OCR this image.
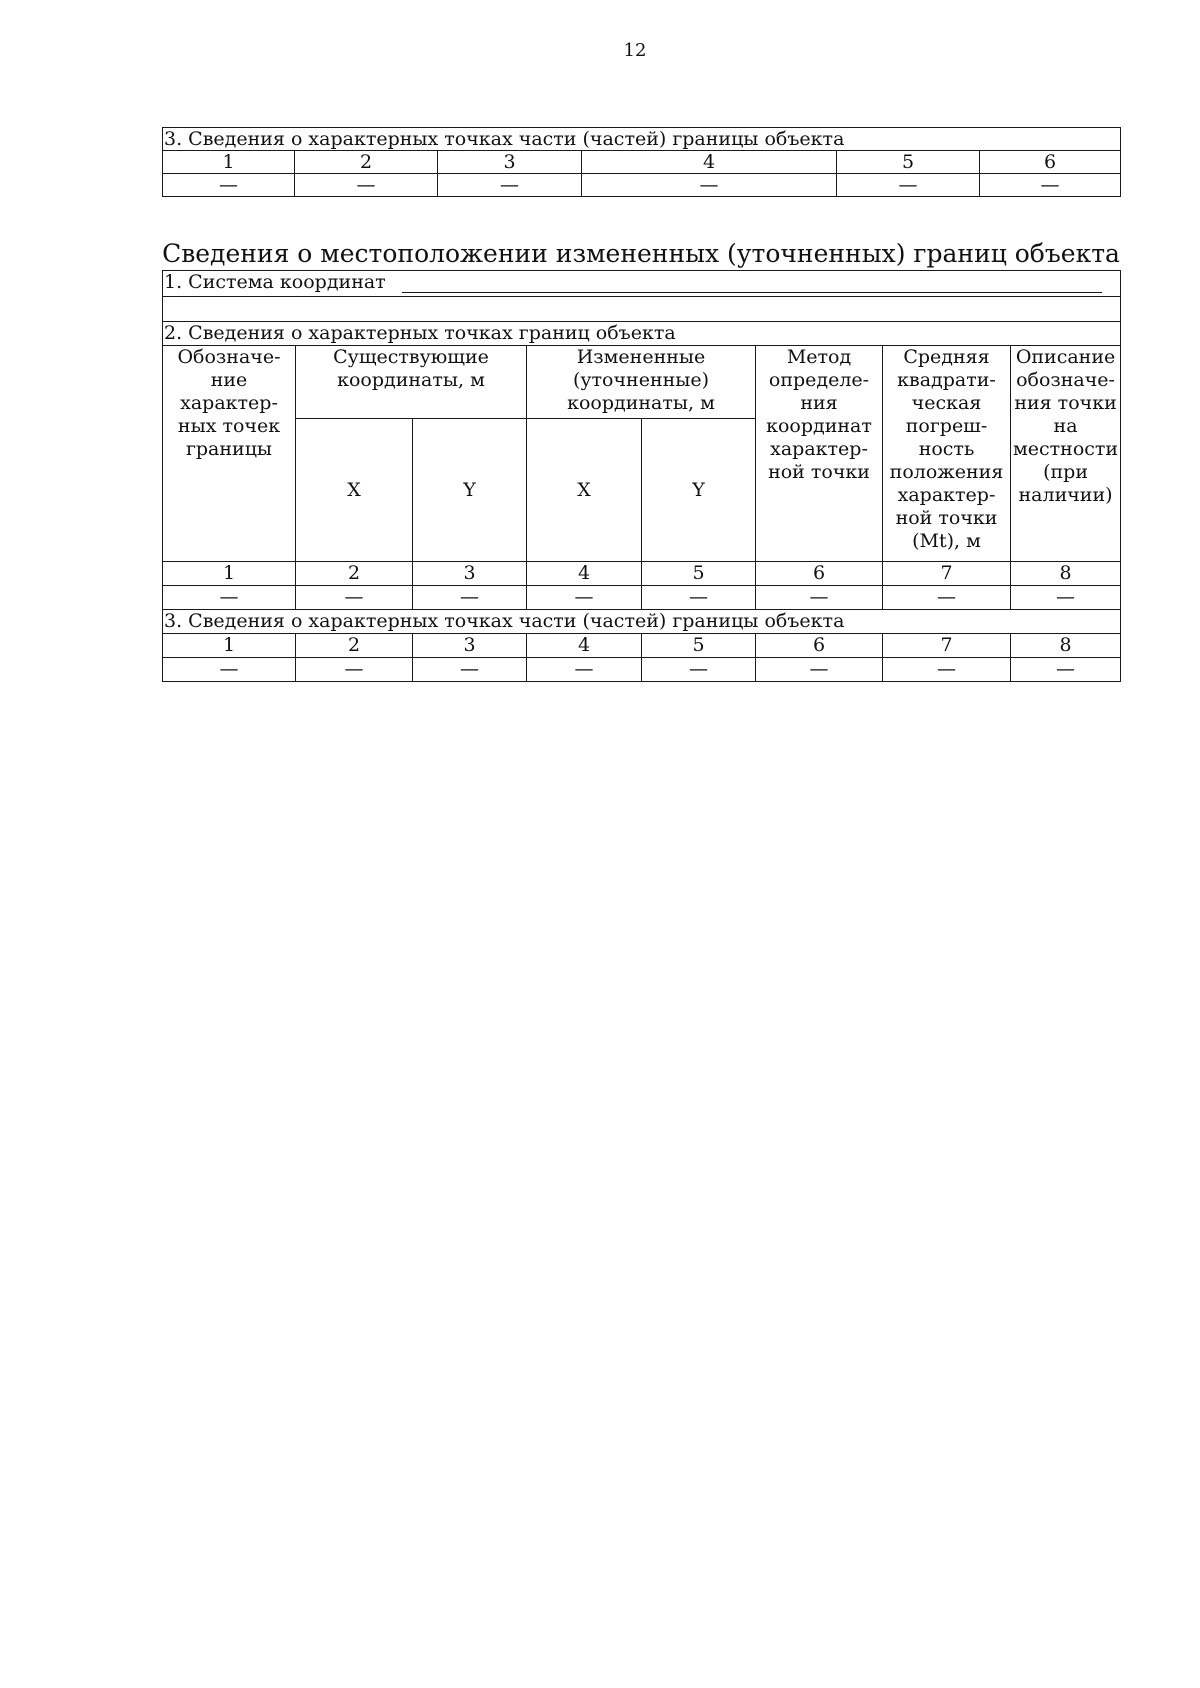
12
3. Сведения о характерных точках части (частей) границы объекта					
1	2	3	4	5	6
—	—	—	—	—	—
Сведения о местоположении измененных (уточненных) границ объекта
1. Система координат							

2. Сведения о характерных точках границ объекта							
Обозначе-ние характер-ных точек границы	Существующие координаты, м		Измененные (уточненные) координаты, м		Метод определе-ния координат характер-ной точки	Средняя квадрати-ческая погреш-ность положения характер-ной точки (Mt), м	Описание обозначе-ния точки на местности (при наличии)
	X	Y	X	Y			
1	2	3	4	5	6	7	8
—	—	—	—	—	—	—	—
3. Сведения о характерных точках части (частей) границы объекта							
1	2	3	4	5	6	7	8
—	—	—	—	—	—	—	—
